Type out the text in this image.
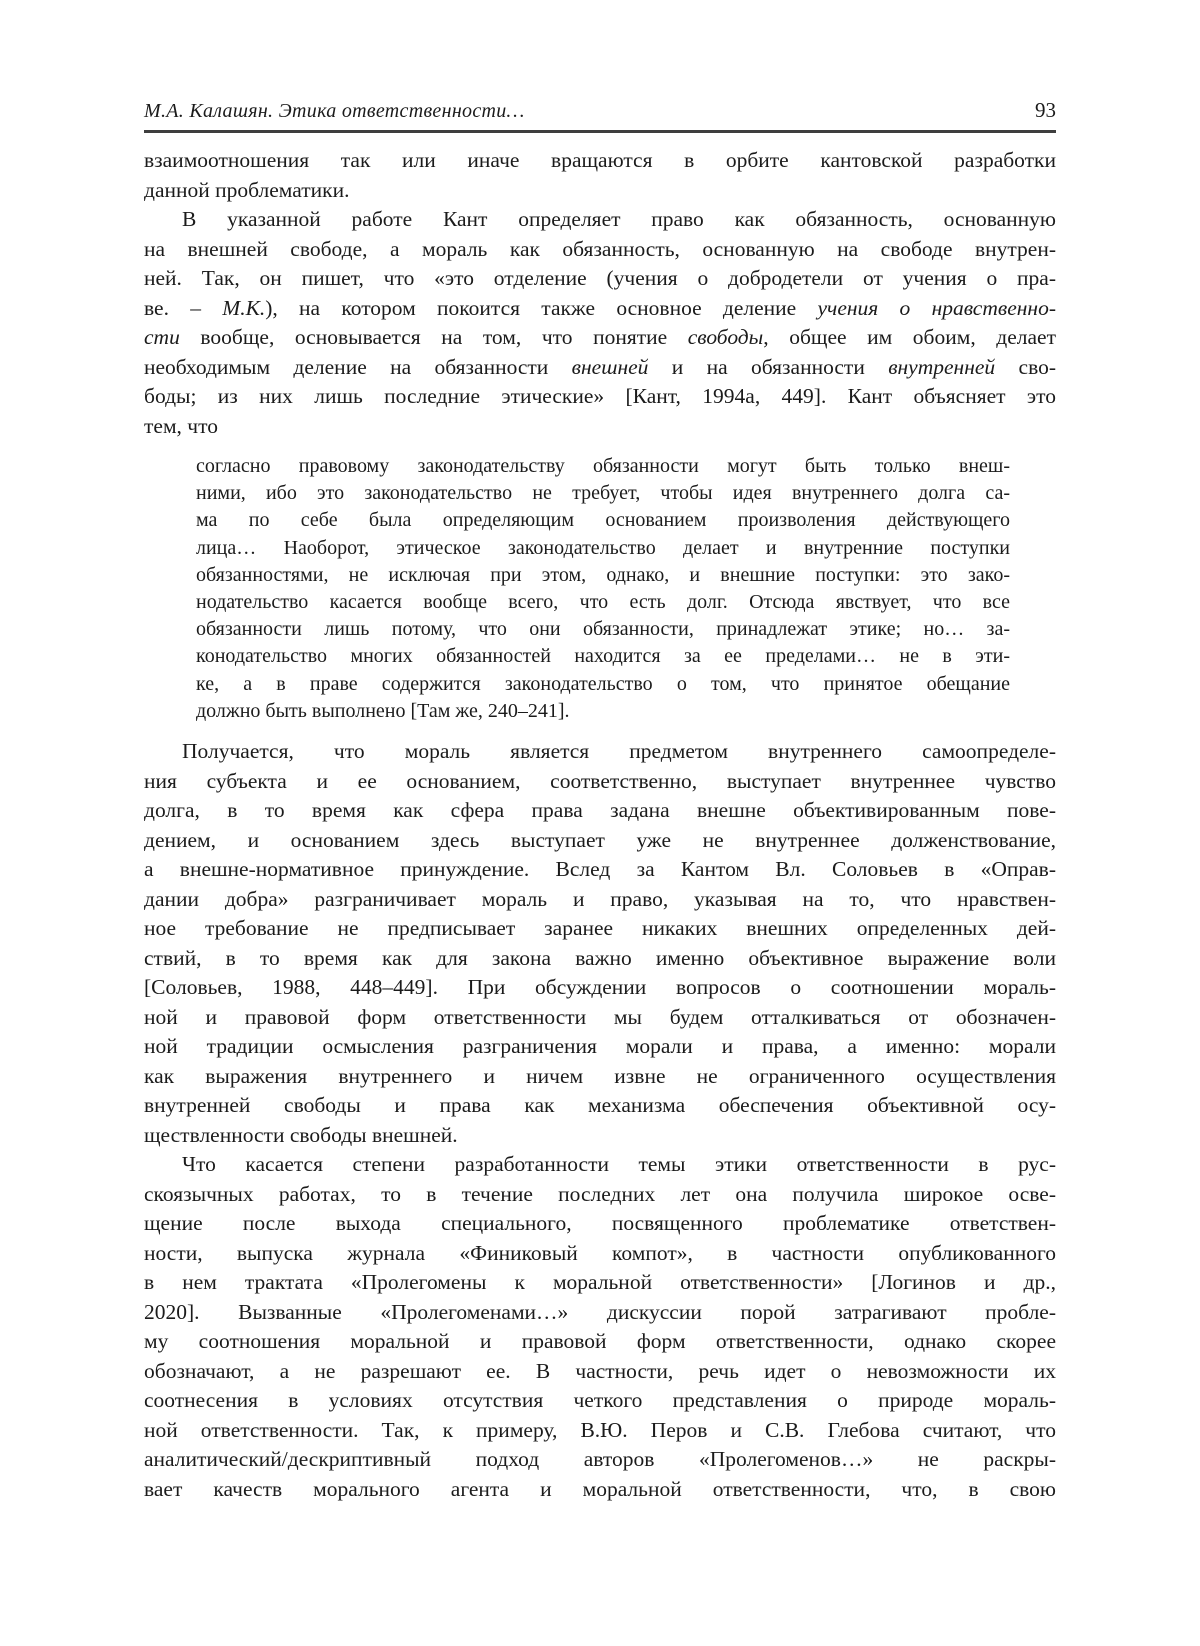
М.А. Калашян. Этика ответственности…	93
взаимоотношения так или иначе вращаются в орбите кантовской разработки
данной проблематики.
В указанной работе Кант определяет право как обязанность, основанную
на внешней свободе, а мораль как обязанность, основанную на свободе внутрен-
ней. Так, он пишет, что «это отделение (учения о добродетели от учения о пра-
ве. – М.К.), на котором покоится также основное деление учения о нравственно-
сти вообще, основывается на том, что понятие свободы, общее им обоим, делает
необходимым деление на обязанности внешней и на обязанности внутренней сво-
боды; из них лишь последние этические» [Кант, 1994а, 449]. Кант объясняет это
тем, что
согласно правовому законодательству обязанности могут быть только внеш-
ними, ибо это законодательство не требует, чтобы идея внутреннего долга са-
ма по себе была определяющим основанием произволения действующего
лица… Наоборот, этическое законодательство делает и внутренние поступки
обязанностями, не исключая при этом, однако, и внешние поступки: это зако-
нодательство касается вообще всего, что есть долг. Отсюда явствует, что все
обязанности лишь потому, что они обязанности, принадлежат этике; но… за-
конодательство многих обязанностей находится за ее пределами… не в эти-
ке, а в праве содержится законодательство о том, что принятое обещание
должно быть выполнено [Там же, 240–241].
Получается, что мораль является предметом внутреннего самоопределе-
ния субъекта и ее основанием, соответственно, выступает внутреннее чувство
долга, в то время как сфера права задана внешне объективированным пове-
дением, и основанием здесь выступает уже не внутреннее долженствование,
а внешне-нормативное принуждение. Вслед за Кантом Вл. Соловьев в «Оправ-
дании добра» разграничивает мораль и право, указывая на то, что нравствен-
ное требование не предписывает заранее никаких внешних определенных дей-
ствий, в то время как для закона важно именно объективное выражение воли
[Соловьев, 1988, 448–449]. При обсуждении вопросов о соотношении мораль-
ной и правовой форм ответственности мы будем отталкиваться от обозначен-
ной традиции осмысления разграничения морали и права, а именно: морали
как выражения внутреннего и ничем извне не ограниченного осуществления
внутренней свободы и права как механизма обеспечения объективной осу-
ществленности свободы внешней.
Что касается степени разработанности темы этики ответственности в рус-
скоязычных работах, то в течение последних лет она получила широкое осве-
щение после выхода специального, посвященного проблематике ответствен-
ности, выпуска журнала «Финиковый компот», в частности опубликованного
в нем трактата «Пролегомены к моральной ответственности» [Логинов и др.,
2020]. Вызванные «Пролегоменами…» дискуссии порой затрагивают пробле-
му соотношения моральной и правовой форм ответственности, однако скорее
обозначают, а не разрешают ее. В частности, речь идет о невозможности их
соотнесения в условиях отсутствия четкого представления о природе мораль-
ной ответственности. Так, к примеру, В.Ю. Перов и С.В. Глебова считают, что
аналитический/дескриптивный подход авторов «Пролегоменов…» не раскры-
вает качеств морального агента и моральной ответственности, что, в свою
